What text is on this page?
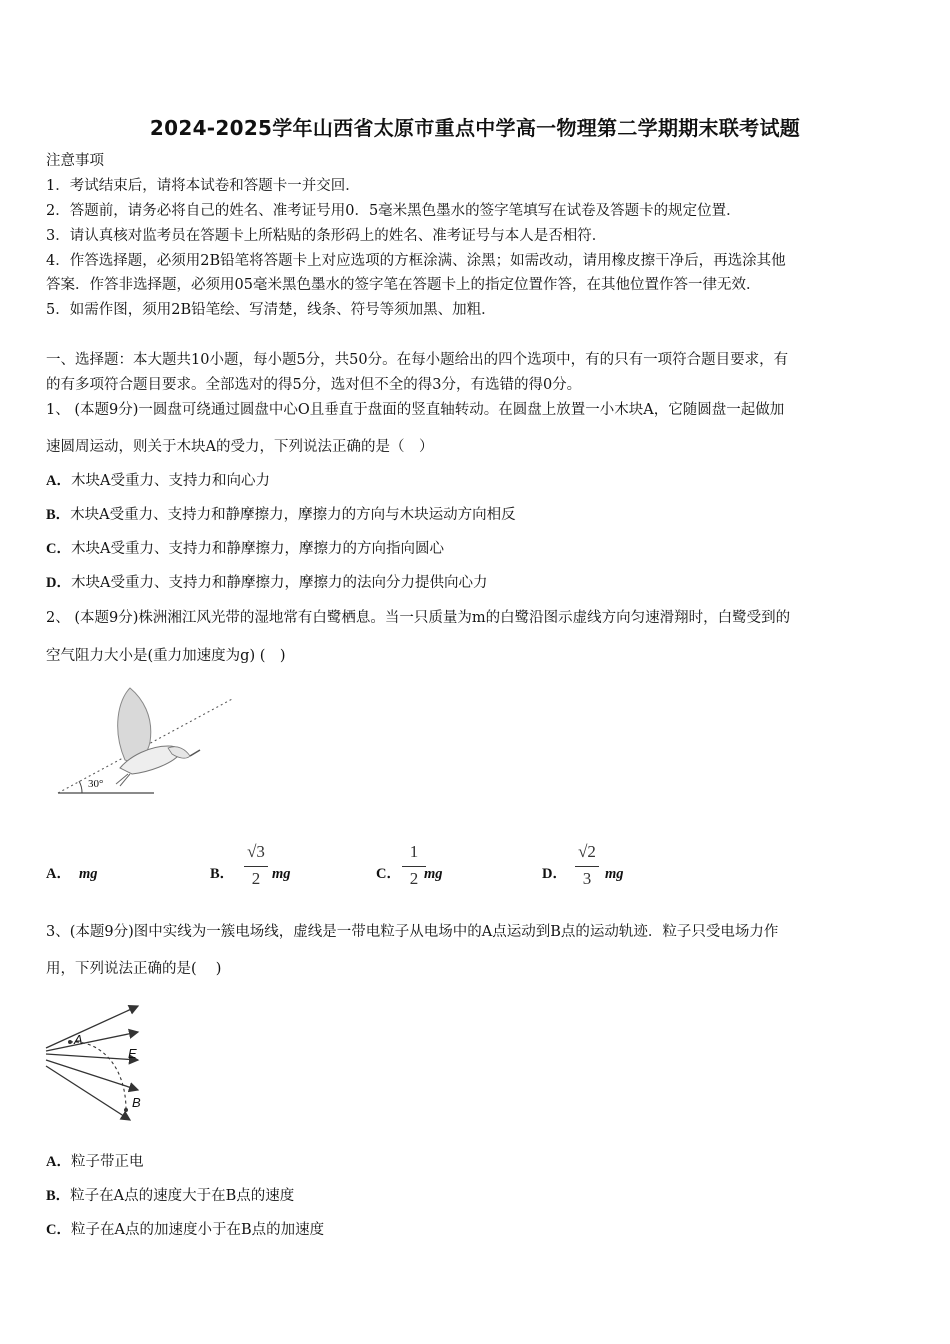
2024-2025学年山西省太原市重点中学高一物理第二学期期末联考试题
注意事项
1．考试结束后，请将本试卷和答题卡一并交回．
2．答题前，请务必将自己的姓名、准考证号用0．5毫米黑色墨水的签字笔填写在试卷及答题卡的规定位置．
3．请认真核对监考员在答题卡上所粘贴的条形码上的姓名、准考证号与本人是否相符．
4．作答选择题，必须用2B铅笔将答题卡上对应选项的方框涂满、涂黑；如需改动，请用橡皮擦干净后，再选涂其他
答案．作答非选择题，必须用05毫米黑色墨水的签字笔在答题卡上的指定位置作答，在其他位置作答一律无效．
5．如需作图，须用2B铅笔绘、写清楚，线条、符号等须加黑、加粗．
一、选择题：本大题共10小题，每小题5分，共50分。在每小题给出的四个选项中，有的只有一项符合题目要求，有
的有多项符合题目要求。全部选对的得5分，选对但不全的得3分，有选错的得0分。
1、 (本题9分)一圆盘可绕通过圆盘中心O且垂直于盘面的竖直轴转动。在圆盘上放置一小木块A，它随圆盘一起做加
速圆周运动，则关于木块A的受力，下列说法正确的是（　）
A．木块A受重力、支持力和向心力
B．木块A受重力、支持力和静摩擦力，摩擦力的方向与木块运动方向相反
C．木块A受重力、支持力和静摩擦力，摩擦力的方向指向圆心
D．木块A受重力、支持力和静摩擦力，摩擦力的法向分力提供向心力
2、 (本题9分)株洲湘江风光带的湿地常有白鹭栖息。当一只质量为m的白鹭沿图示虚线方向匀速滑翔时，白鹭受到的
空气阻力大小是(重力加速度为g) (　)
30°
A． mg	B．
√3
2 mg	C．
1
2 mg	D．
√2
3 mg
3、(本题9分)图中实线为一簇电场线，虚线是一带电粒子从电场中的A点运动到B点的运动轨迹．粒子只受电场力作
用，下列说法正确的是(　 )
A
E
B
A．粒子带正电
B．粒子在A点的速度大于在B点的速度
C．粒子在A点的加速度小于在B点的加速度
